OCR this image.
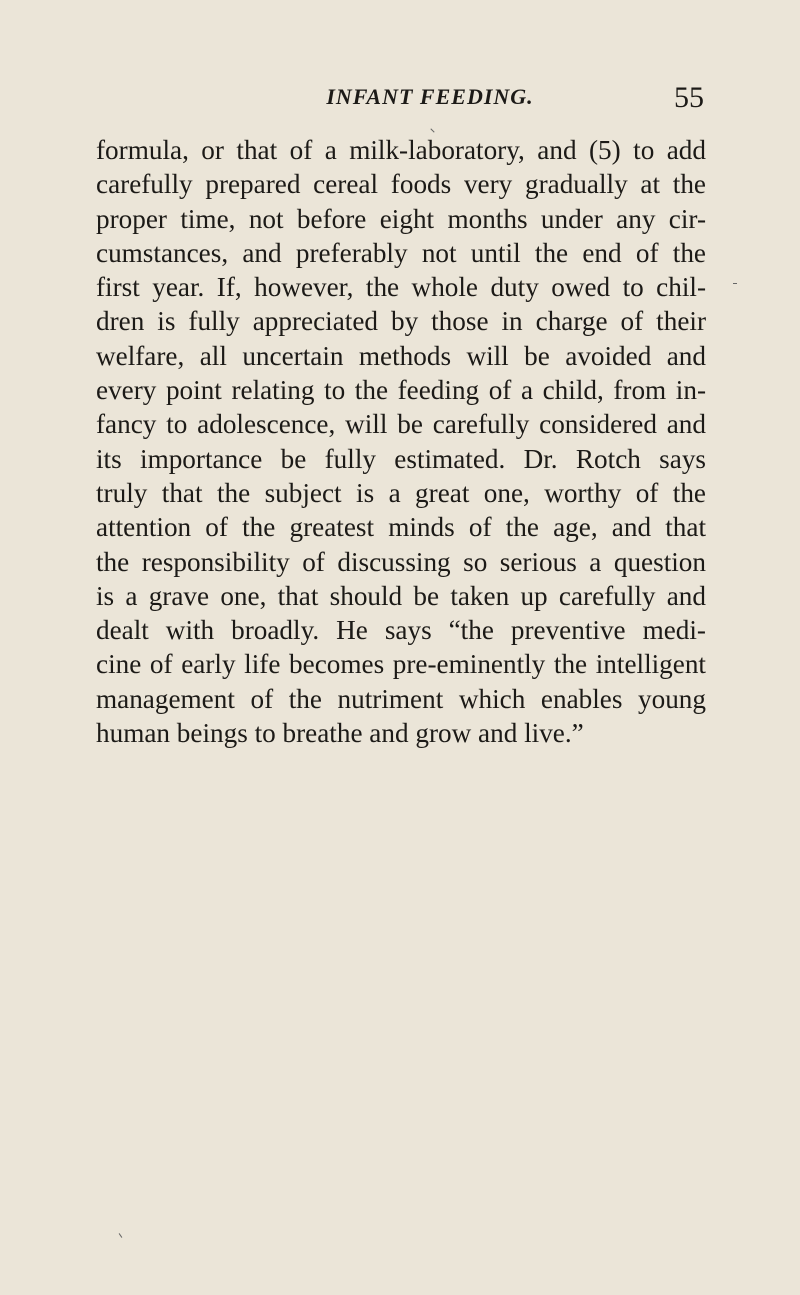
INFANT FEEDING.	55
formula, or that of a milk-laboratory, and (5) to add
carefully prepared cereal foods very gradually at the
proper time, not before eight months under any cir-
cumstances, and preferably not until the end of the
first year. If, however, the whole duty owed to chil-
dren is fully appreciated by those in charge of their
welfare, all uncertain methods will be avoided and
every point relating to the feeding of a child, from in-
fancy to adolescence, will be carefully considered and
its importance be fully estimated. Dr. Rotch says
truly that the subject is a great one, worthy of the
attention of the greatest minds of the age, and that
the responsibility of discussing so serious a question
is a grave one, that should be taken up carefully and
dealt with broadly. He says “the preventive medi-
cine of early life becomes pre-eminently the intelligent
management of the nutriment which enables young
human beings to breathe and grow and live.”
